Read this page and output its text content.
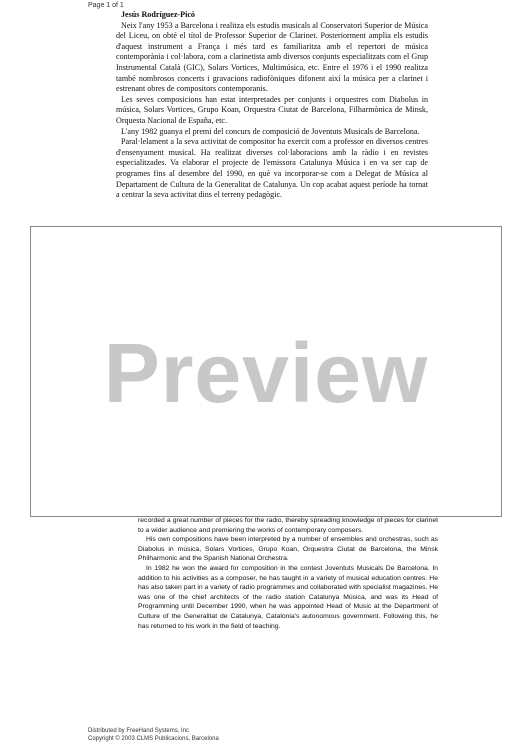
Page 1 of 1
Jesús Rodríguez-Picó

Neix l'any 1953 a Barcelona i realitza els estudis musicals al Conservatori Superior de Música del Liceu, on obté el títol de Professor Superior de Clarinet. Posteriorment amplia els estudis d'aquest instrument a França i més tard es familiaritza amb el repertori de música contemporània i col·labora, com a clarinetista amb diversos conjunts especialitzats com el Grup Instrumental Català (GIC), Solars Vortices, Multimúsica, etc. Entre el 1976 i el 1990 realitza també nombrosos concerts i gravacions radiofòniques difonent així la música per a clarinet i estrenant obres de compositors contemporanis.

Les seves composicions han estat interpretades per conjunts i orquestres com Diabolus in música, Solars Vortices, Grupo Koan, Orquestra Ciutat de Barcelona, Filharmònica de Minsk, Orquesta Nacional de España, etc.

L'any 1982 guanya el premi del concurs de composició de Joventuts Musicals de Barcelona.

Paral·lelament a la seva activitat de compositor ha exercit com a professor en diversos centres d'ensenyament musical. Ha realitzat diverses col·laboracions amb la ràdio i en revistes especialitzades. Va elaborar el projecte de l'emissora Catalunya Música i en va ser cap de programes fins al desembre del 1990, en què va incorporar-se com a Delegat de Música al Departament de Cultura de la Generalitat de Catalunya. Un cop acabat aquest període ha tornat a centrar la seva activitat dins el terreny pedagògic.

recorded a great number of pieces for the radio, thereby spreading knowledge of pieces for clarinet to a wider audience and premiering the works of contemporary composers.

His own compositions have been interpreted by a number of ensembles and orchestras, such as Diabolus in música, Solars Vortices, Grupo Koan, Orquestra Ciutat de Barcelona, the Minsk Philharmonic and the Spanish National Orchestra.

In 1982 he won the award for composition in the contest Joventuts Musicals De Barcelona. In addition to his activities as a composer, he has taught in a variety of musical education centres. He has also taken part in a variety of radio programmes and collaborated with specialist magazines. He was one of the chief architects of the radio station Catalunya Música, and was its Head of Programming until December 1990, when he was appointed Head of Music at the Department of Culture of the Generalitat de Catalunya, Catalonia's autonomous government. Following this, he has returned to his work in the field of teaching.

Preview
Distributed by FreeHand Systems, Inc
Copyright © 2003 CLMS Publicacions, Barcelona
